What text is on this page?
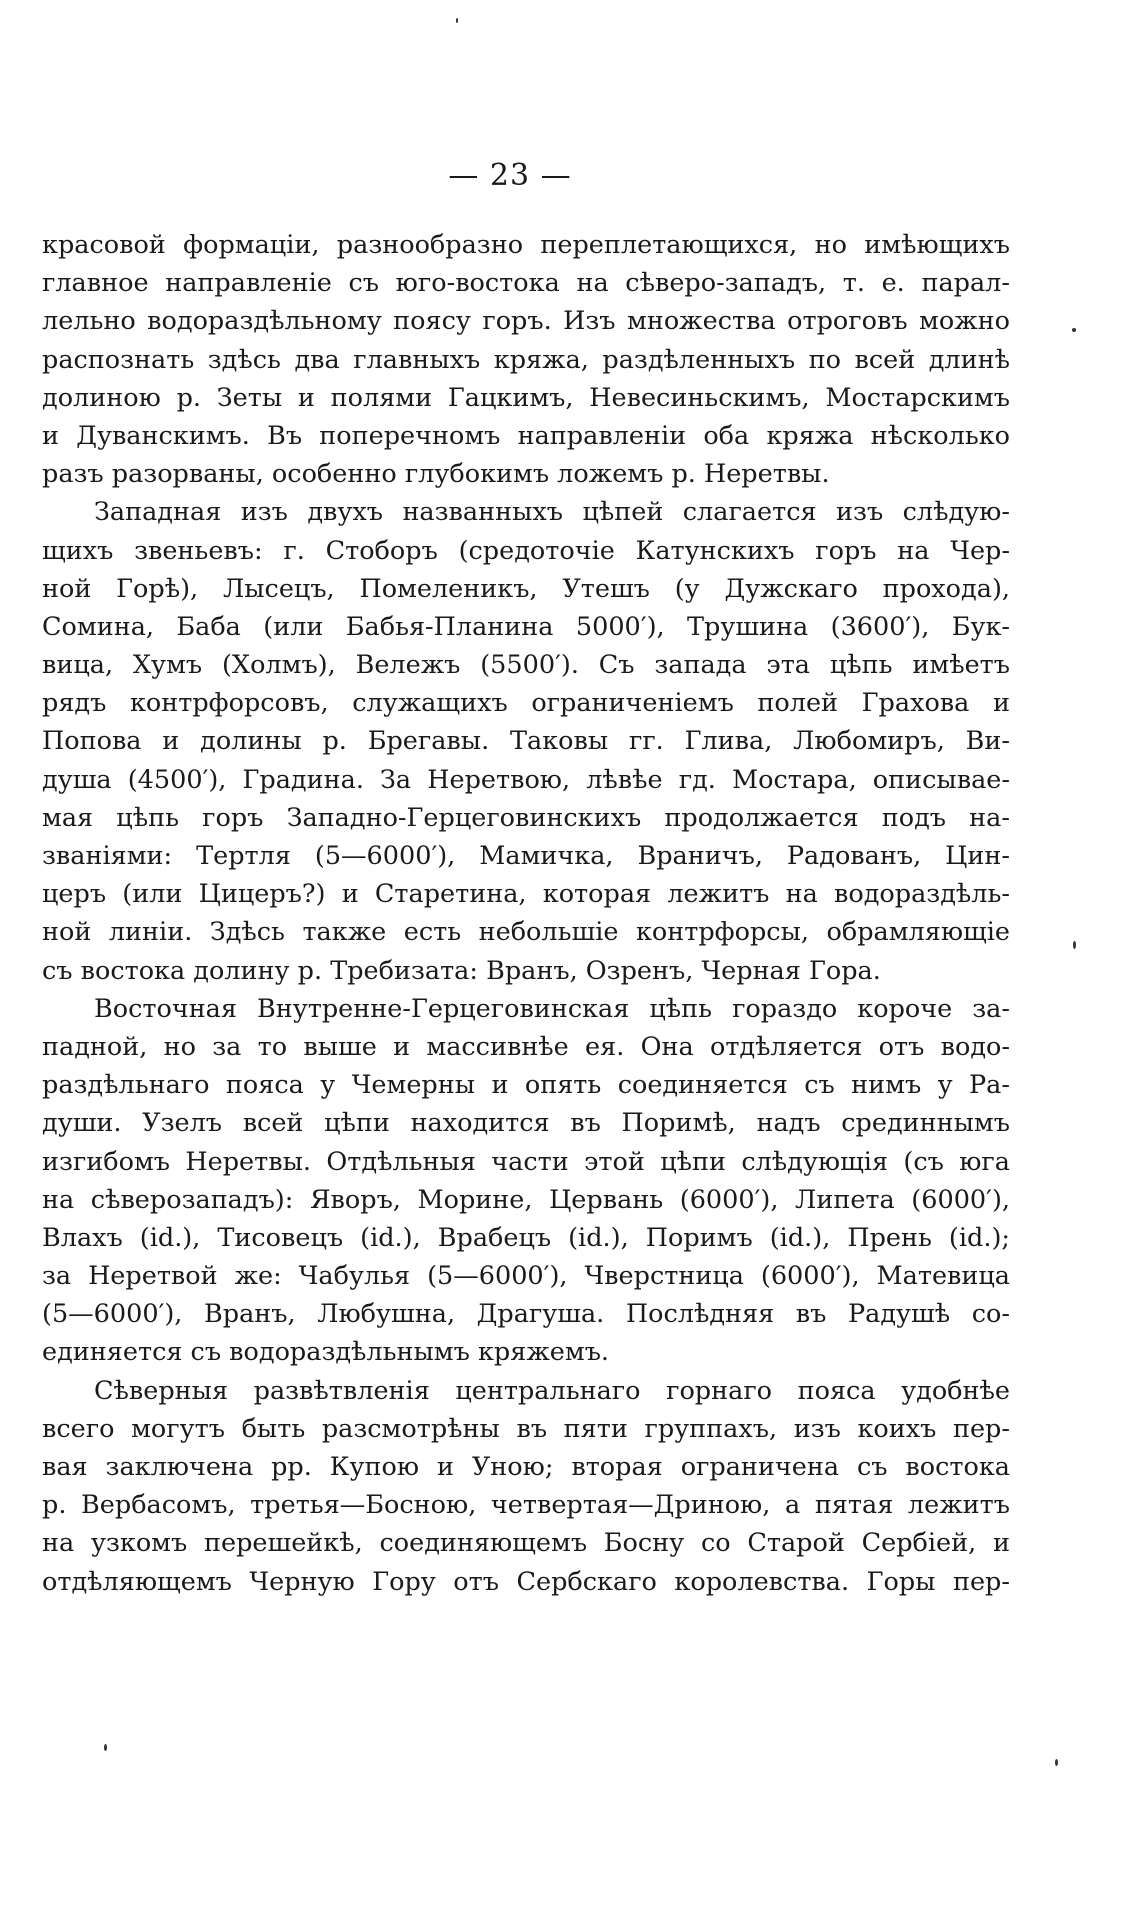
— 23 —
красовой формаціи, разнообразно переплетающихся, но имѣющихъ
главное направленіе съ юго-востока на сѣверо-западъ, т. е. парал-
лельно водораздѣльному поясу горъ. Изъ множества отроговъ можно
распознать здѣсь два главныхъ кряжа, раздѣленныхъ по всей длинѣ
долиною р. Зеты и полями Гацкимъ, Невесиньскимъ, Мостарскимъ
и Дуванскимъ. Въ поперечномъ направленіи оба кряжа нѣсколько
разъ разорваны, особенно глубокимъ ложемъ р. Неретвы.
Западная изъ двухъ названныхъ цѣпей слагается изъ слѣдую-
щихъ звеньевъ: г. Стоборъ (средоточіе Катунскихъ горъ на Чер-
ной Горѣ), Лысецъ, Помеленикъ, Утешъ (у Дужскаго прохода),
Сомина, Баба (или Бабья-Планина 5000′), Трушина (3600′), Бук-
вица, Хумъ (Холмъ), Вележъ (5500′). Съ запада эта цѣпь имѣетъ
рядъ контрфорсовъ, служащихъ ограниченіемъ полей Грахова и
Попова и долины р. Брегавы. Таковы гг. Глива, Любомиръ, Ви-
душа (4500′), Градина. За Неретвою, лѣвѣе гд. Мостара, описывае-
мая цѣпь горъ Западно-Герцеговинскихъ продолжается подъ на-
званіями: Тертля (5—6000′), Мамичка, Враничъ, Радованъ, Цин-
церъ (или Цицеръ?) и Старетина, которая лежитъ на водораздѣль-
ной линіи. Здѣсь также есть небольшіе контрфорсы, обрамляющіе
съ востока долину р. Требизата: Вранъ, Озренъ, Черная Гора.
Восточная Внутренне-Герцеговинская цѣпь гораздо короче за-
падной, но за то выше и массивнѣе ея. Она отдѣляется отъ водо-
раздѣльнаго пояса у Чемерны и опять соединяется съ нимъ у Ра-
души. Узелъ всей цѣпи находится въ Поримѣ, надъ срединнымъ
изгибомъ Неретвы. Отдѣльныя части этой цѣпи слѣдующія (съ юга
на сѣверозападъ): Яворъ, Морине, Цервань (6000′), Липета (6000′),
Влахъ (id.), Тисовецъ (id.), Врабецъ (id.), Поримъ (id.), Прень (id.);
за Неретвой же: Чабулья (5—6000′), Чверстница (6000′), Матевица
(5—6000′), Вранъ, Любушна, Драгуша. Послѣдняя въ Радушѣ со-
единяется съ водораздѣльнымъ кряжемъ.
Сѣверныя развѣтвленія центральнаго горнаго пояса удобнѣе
всего могутъ быть разсмотрѣны въ пяти группахъ, изъ коихъ пер-
вая заключена рр. Купою и Уною; вторая ограничена съ востока
р. Вербасомъ, третья—Босною, четвертая—Дриною, а пятая лежитъ
на узкомъ перешейкѣ, соединяющемъ Босну со Старой Сербіей, и
отдѣляющемъ Черную Гору отъ Сербскаго королевства. Горы пер-
